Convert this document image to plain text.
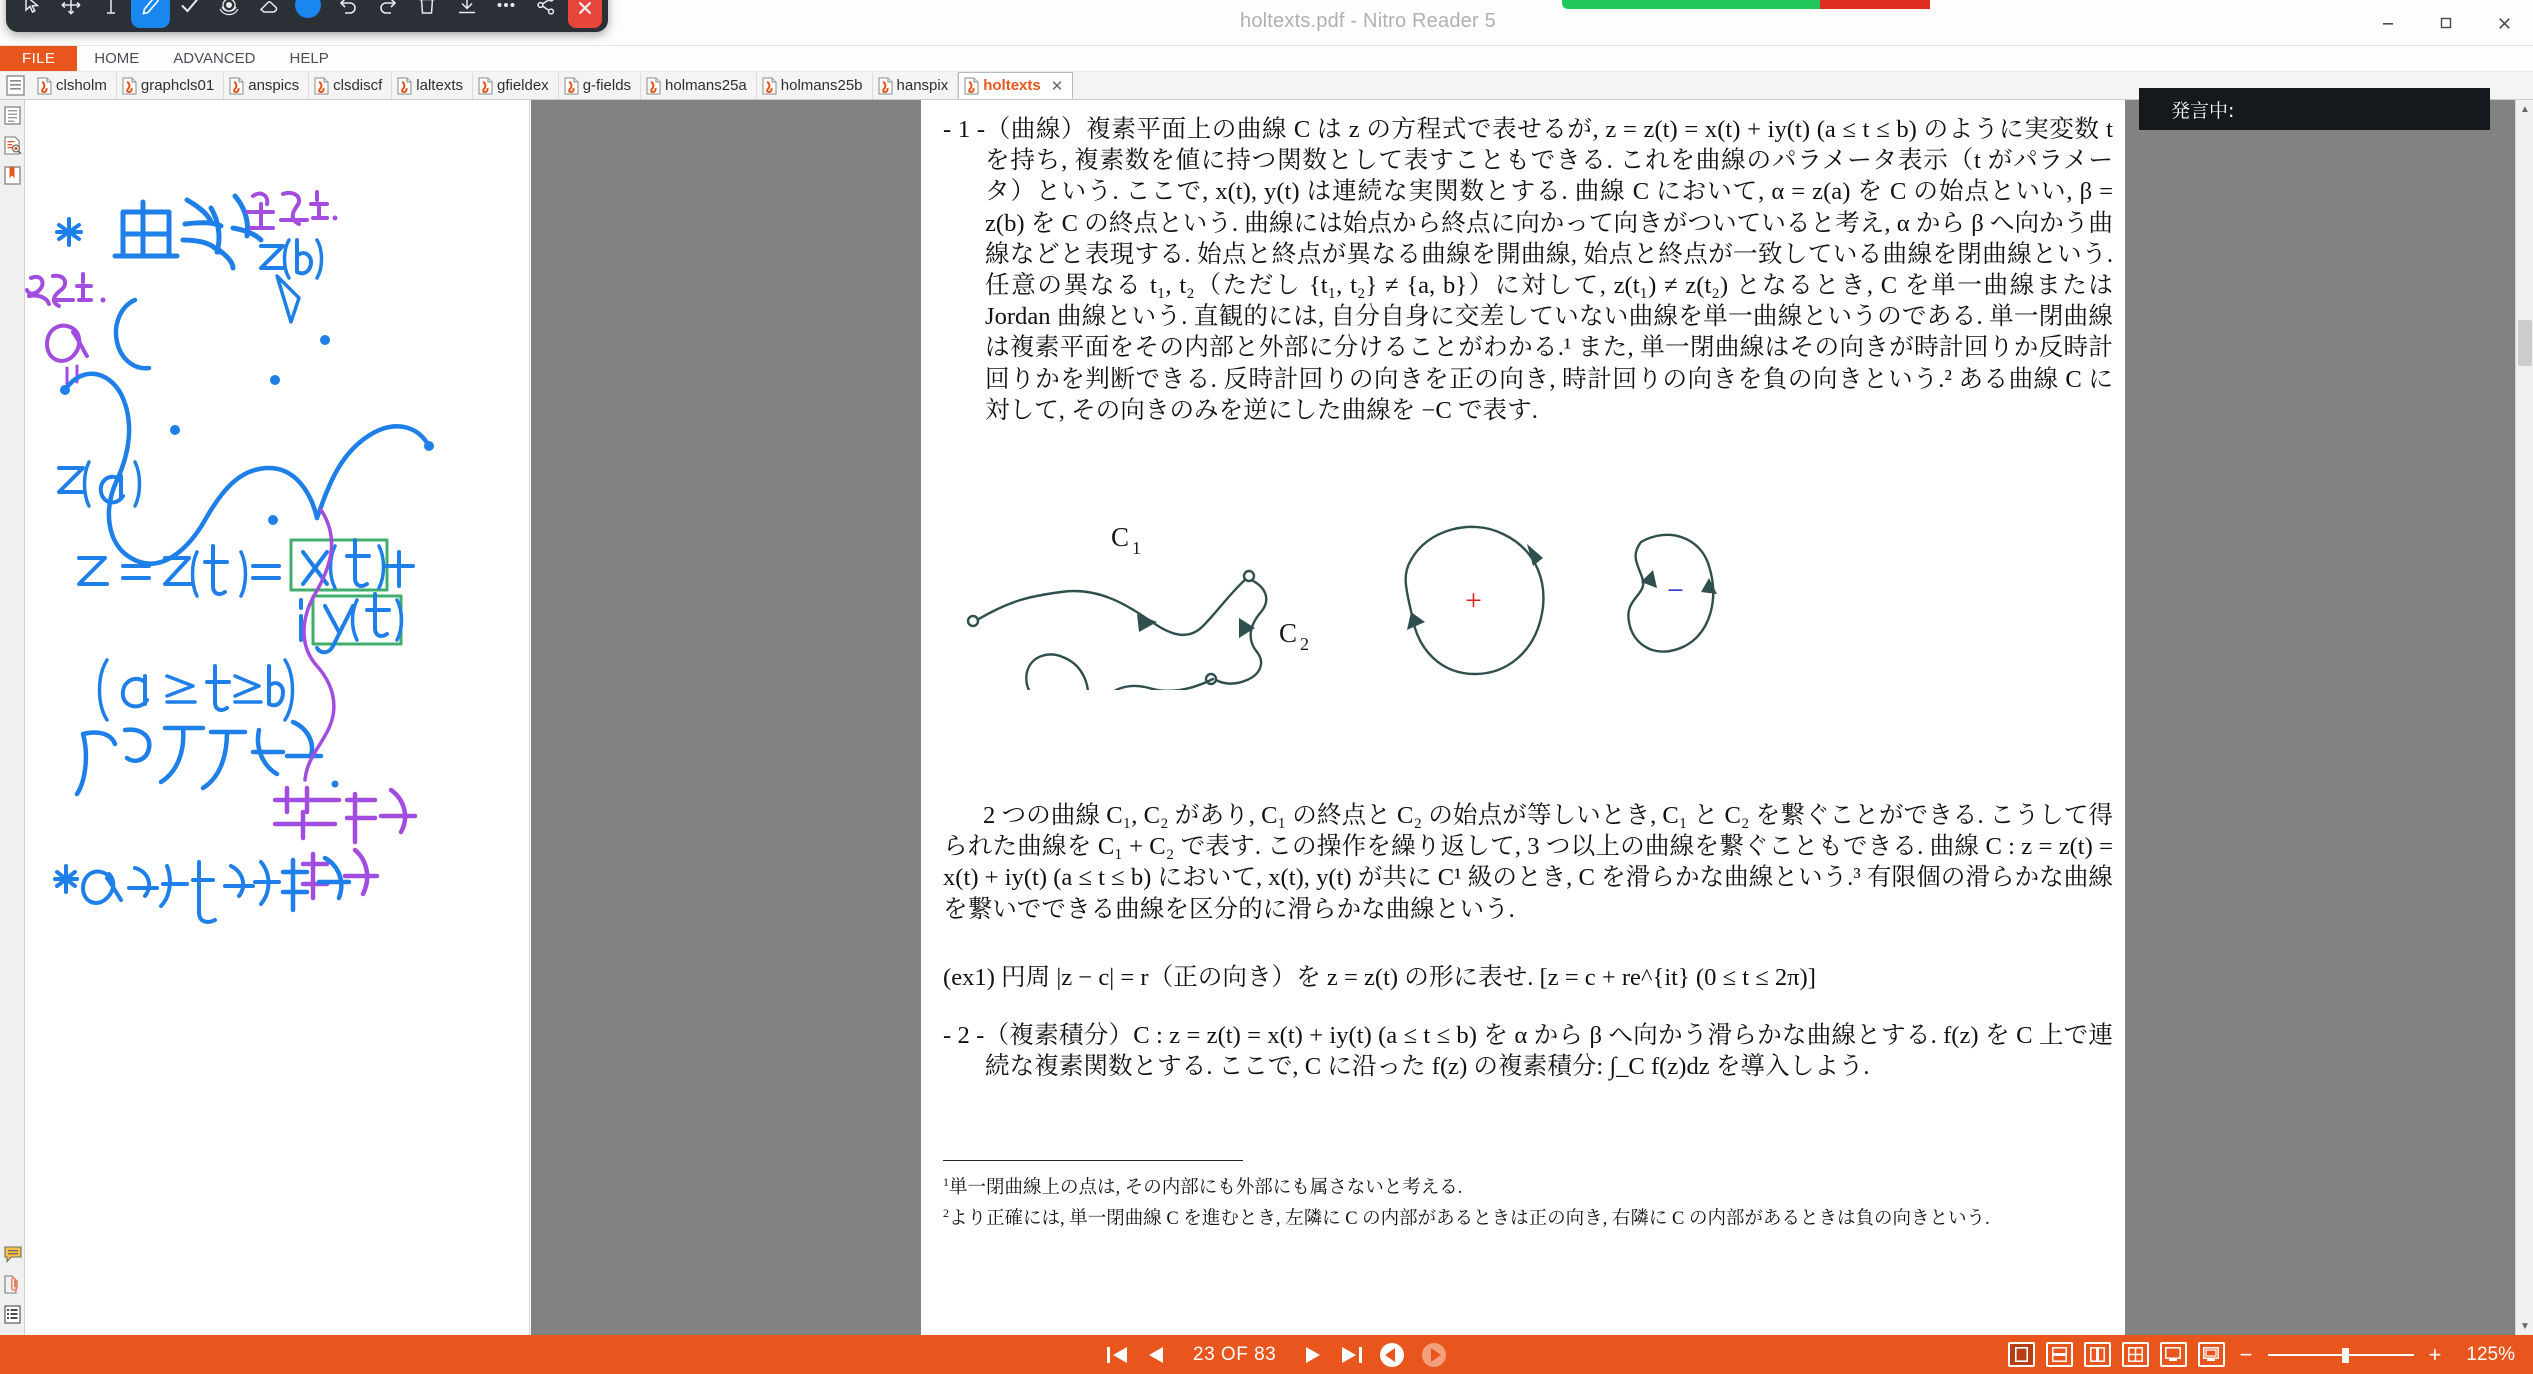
holtexts.pdf - Nitro Reader 5
FILE	HOME	ADVANCED	HELP
clsholm graphcls01 anspics clsdiscf laltexts gfieldex g-fields holmans25a holmans25b hanspix holtexts ✕
- 1 -（曲線）複素平面上の曲線 C は z の方程式で表せるが, z = z(t) = x(t) + iy(t) (a ≤ t ≤ b) のように実変数 t を持ち, 複素数を値に持つ関数として表すこともできる. これを曲線のパラメータ表示（t がパラメータ）という. ここで, x(t), y(t) は連続な実関数とする. 曲線 C において, α = z(a) を C の始点といい, β = z(b) を C の終点という. 曲線には始点から終点に向かって向きがついていると考え, α から β へ向かう曲線などと表現する. 始点と終点が異なる曲線を開曲線, 始点と終点が一致している曲線を閉曲線という. 任意の異なる t₁, t₂（ただし {t₁, t₂} ≠ {a, b}）に対して, z(t₁) ≠ z(t₂) となるとき, C を単一曲線または Jordan 曲線という. 直観的には, 自分自身に交差していない曲線を単一曲線というのである. 単一閉曲線は複素平面をその内部と外部に分けることがわかる.¹ また, 単一閉曲線はその向きが時計回りか反時計回りかを判断できる. 反時計回りの向きを正の向き, 時計回りの向きを負の向きという.² ある曲線 C に対して, その向きのみを逆にした曲線を −C で表す.
C 1
C 2
+	−
2 つの曲線 C₁, C₂ があり, C₁ の終点と C₂ の始点が等しいとき, C₁ と C₂ を繋ぐことができる. こうして得られた曲線を C₁ + C₂ で表す. この操作を繰り返して, 3 つ以上の曲線を繋ぐこともできる. 曲線 C : z = z(t) = x(t) + iy(t) (a ≤ t ≤ b) において, x(t), y(t) が共に C¹ 級のとき, C を滑らかな曲線という.³ 有限個の滑らかな曲線を繋いでできる曲線を区分的に滑らかな曲線という.
(ex1) 円周 |z − c| = r（正の向き）を z = z(t) の形に表せ. [z = c + re^{it} (0 ≤ t ≤ 2π)]
- 2 -（複素積分）C : z = z(t) = x(t) + iy(t) (a ≤ t ≤ b) を α から β へ向かう滑らかな曲線とする. f(z) を C 上で連続な複素関数とする. ここで, C に沿った f(z) の複素積分: ∫_C f(z)dz を導入しよう.
$^1$単一閉曲線上の点は, その内部にも外部にも属さないと考える.
$^2$より正確には, 単一閉曲線 C を進むとき, 左隣に C の内部があるときは正の向き, 右隣に C の内部があるときは負の向きという.
▲
▼
発言中:
23 OF 83	−	+ 125%
